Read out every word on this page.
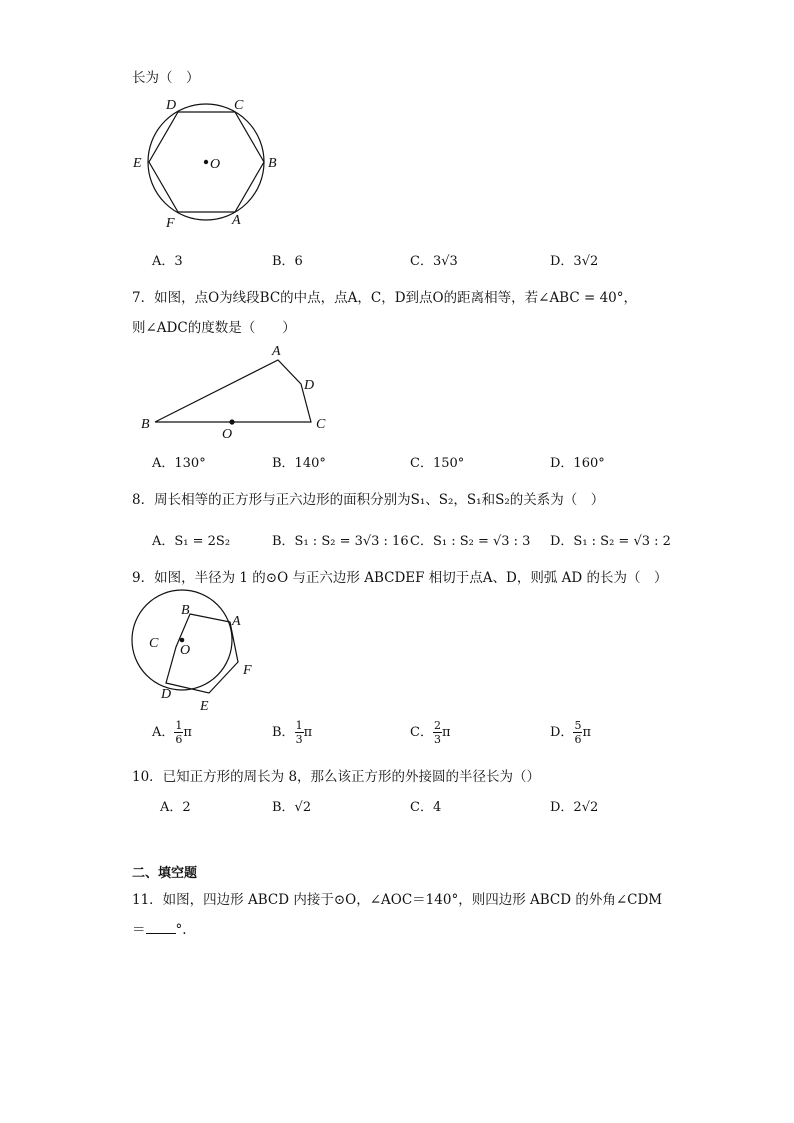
长为（　）
D	C
E	B
F	A
O
A．3	B．6	C．3√3	D．3√2
7．如图，点O为线段BC的中点，点A，C，D到点O的距离相等，若∠ABC = 40°，
则∠ADC的度数是（　　）
A
D
B
O
C
A．130°	B．140°	C．150°	D．160°
8．周长相等的正方形与正六边形的面积分别为S₁、S₂，S₁和S₂的关系为（　）
A．S₁ = 2S₂	B．S₁ : S₂ = 3√3 : 16 C．S₁ : S₂ = √3 : 3 D．S₁ : S₂ = √3 : 2
9．如图，半径为 1 的⊙O 与正六边形 ABCDEF 相切于点A、D，则弧 AD 的长为（　）
B
A
C O
F
D
E
A． $\frac{1}{6}$ π	B． $\frac{1}{3}$ π	C． $\frac{2}{3}$ π	D． $\frac{5}{6}$ π
10．已知正方形的周长为 8，那么该正方形的外接圆的半径长为（）
A．2	B．√2	C．4	D．2√2
二、填空题
11．如图，四边形 ABCD 内接于⊙O，∠AOC＝140°，则四边形 ABCD 的外角∠CDM
＝ °.
